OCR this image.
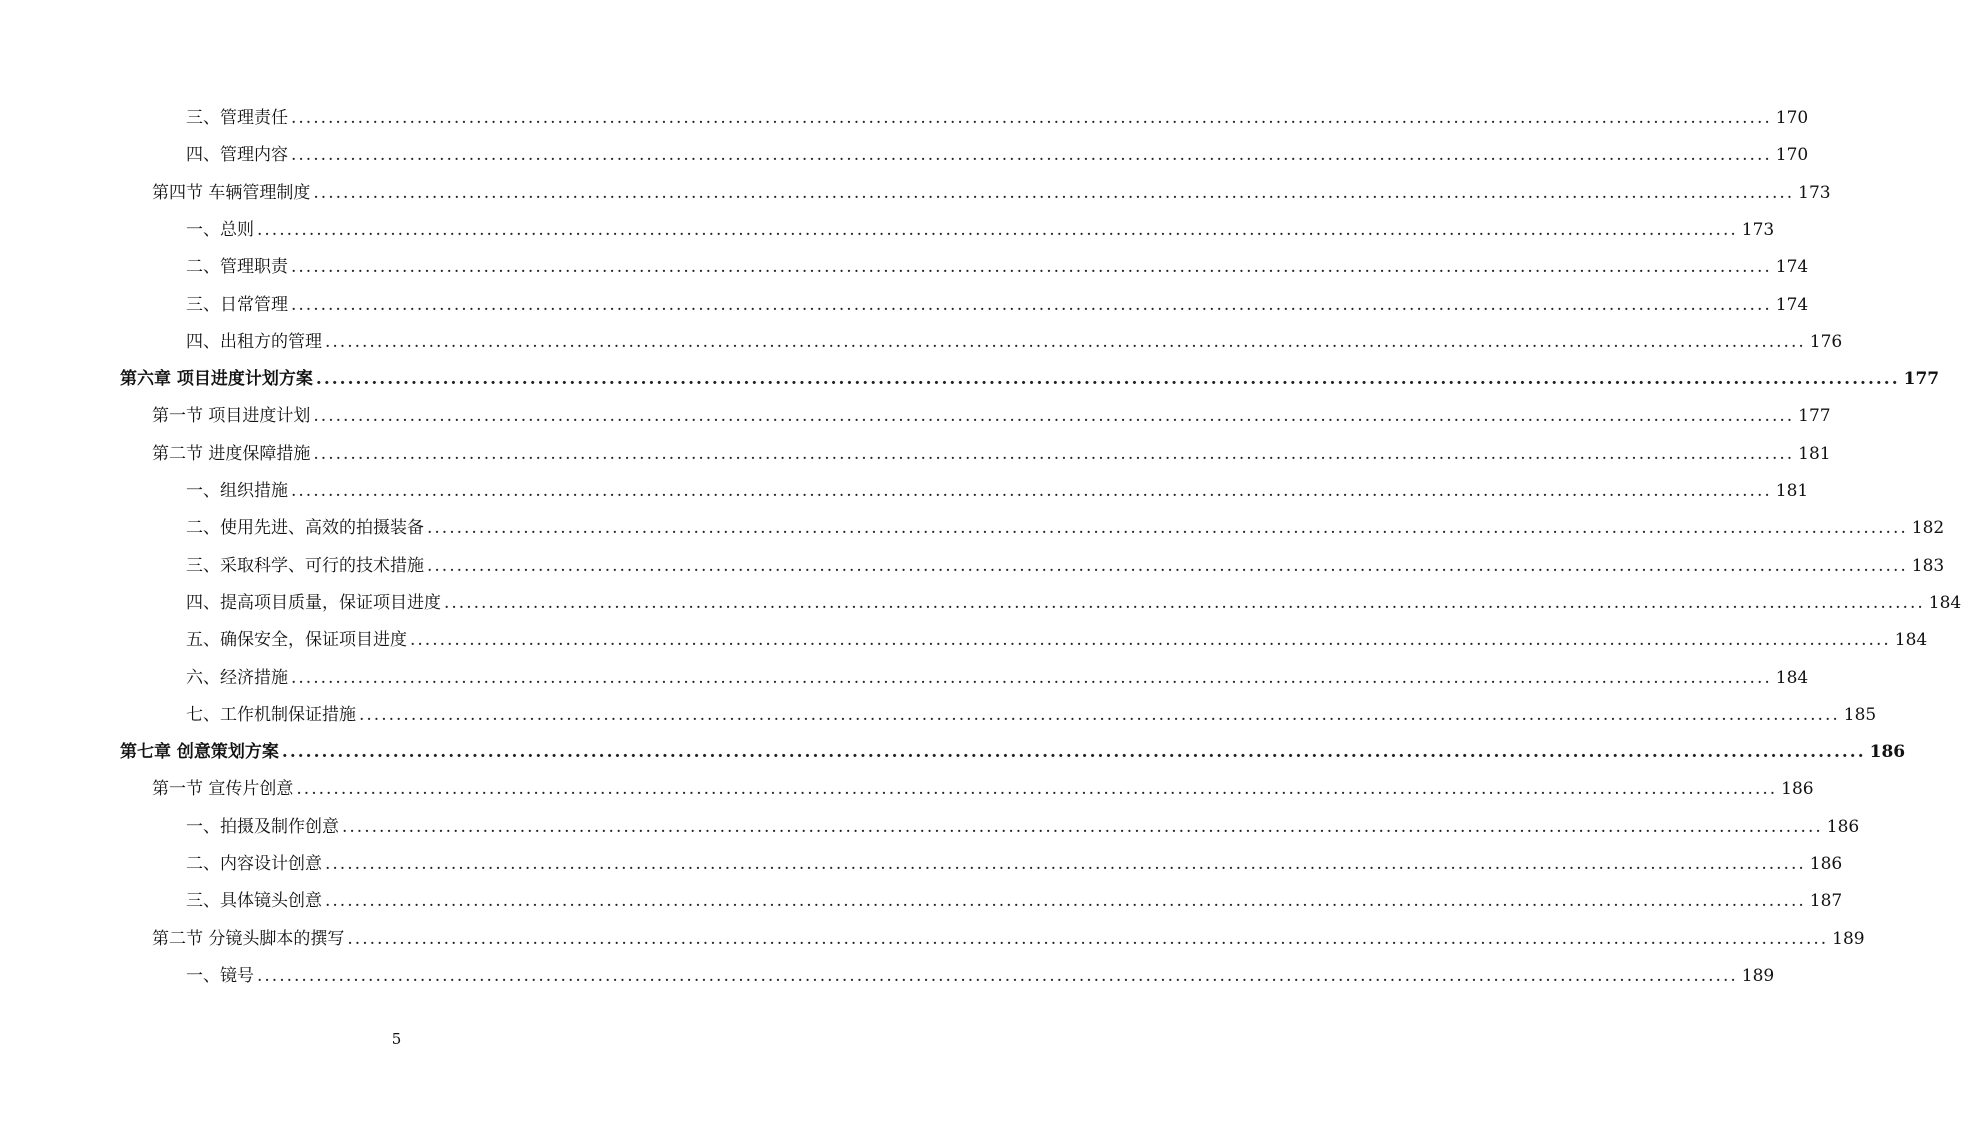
三、管理责任 ........................................................................................................................................................................................................ 170
四、管理内容 ........................................................................................................................................................................................................ 170
第四节 车辆管理制度 ........................................................................................................................................................................................................ 173
一、总则 ........................................................................................................................................................................................................ 173
二、管理职责 ........................................................................................................................................................................................................ 174
三、日常管理 ........................................................................................................................................................................................................ 174
四、出租方的管理 ........................................................................................................................................................................................................ 176
第六章 项目进度计划方案 ........................................................................................................................................................................................................ 177
第一节 项目进度计划 ........................................................................................................................................................................................................ 177
第二节 进度保障措施 ........................................................................................................................................................................................................ 181
一、组织措施 ........................................................................................................................................................................................................ 181
二、使用先进、高效的拍摄装备 ........................................................................................................................................................................................................ 182
三、采取科学、可行的技术措施 ........................................................................................................................................................................................................ 183
四、提高项目质量，保证项目进度 ........................................................................................................................................................................................................ 184
五、确保安全，保证项目进度 ........................................................................................................................................................................................................ 184
六、经济措施 ........................................................................................................................................................................................................ 184
七、工作机制保证措施 ........................................................................................................................................................................................................ 185
第七章 创意策划方案 ........................................................................................................................................................................................................ 186
第一节 宣传片创意 ........................................................................................................................................................................................................ 186
一、拍摄及制作创意 ........................................................................................................................................................................................................ 186
二、内容设计创意 ........................................................................................................................................................................................................ 186
三、具体镜头创意 ........................................................................................................................................................................................................ 187
第二节 分镜头脚本的撰写 ........................................................................................................................................................................................................ 189
一、镜号 ........................................................................................................................................................................................................ 189
5
